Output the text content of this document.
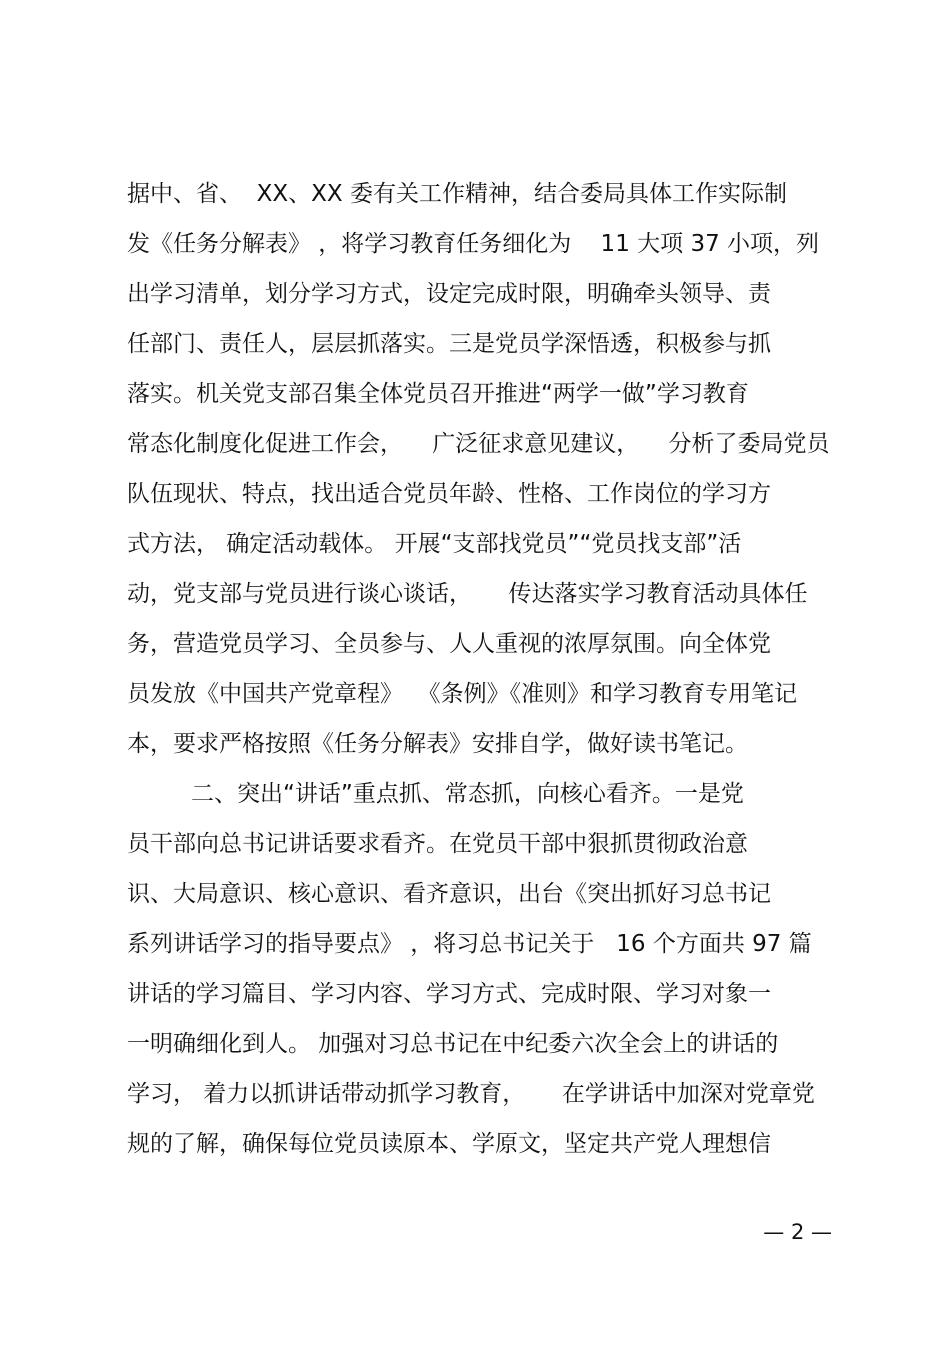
据中、省、  XX、XX 委有关工作精神，结合委局具体工作实际制
发《任务分解表》 ，将学习教育任务细化为    11 大项 37 小项，列
出学习清单，划分学习方式，设定完成时限，明确牵头领导、责
任部门、责任人，层层抓落实。三是党员学深悟透，积极参与抓
落实。机关党支部召集全体党员召开推进“两学一做”学习教育
常态化制度化促进工作会，    广泛征求意见建议，    分析了委局党员
队伍现状、特点，找出适合党员年龄、性格、工作岗位的学习方
式方法， 确定活动载体。 开展“支部找党员”“党员找支部”活
动，党支部与党员进行谈心谈话，     传达落实学习教育活动具体任
务，营造党员学习、全员参与、人人重视的浓厚氛围。向全体党
员发放《中国共产党章程》  《条例》《准则》和学习教育专用笔记
本，要求严格按照《任务分解表》安排自学，做好读书笔记。
二、突出“讲话”重点抓、常态抓，向核心看齐。一是党
员干部向总书记讲话要求看齐。在党员干部中狠抓贯彻政治意
识、大局意识、核心意识、看齐意识，出台《突出抓好习总书记
系列讲话学习的指导要点》 ，将习总书记关于   16 个方面共 97 篇
讲话的学习篇目、学习内容、学习方式、完成时限、学习对象一
一明确细化到人。 加强对习总书记在中纪委六次全会上的讲话的
学习， 着力以抓讲话带动抓学习教育，     在学讲话中加深对党章党
规的了解，确保每位党员读原本、学原文，坚定共产党人理想信
— 2 —
